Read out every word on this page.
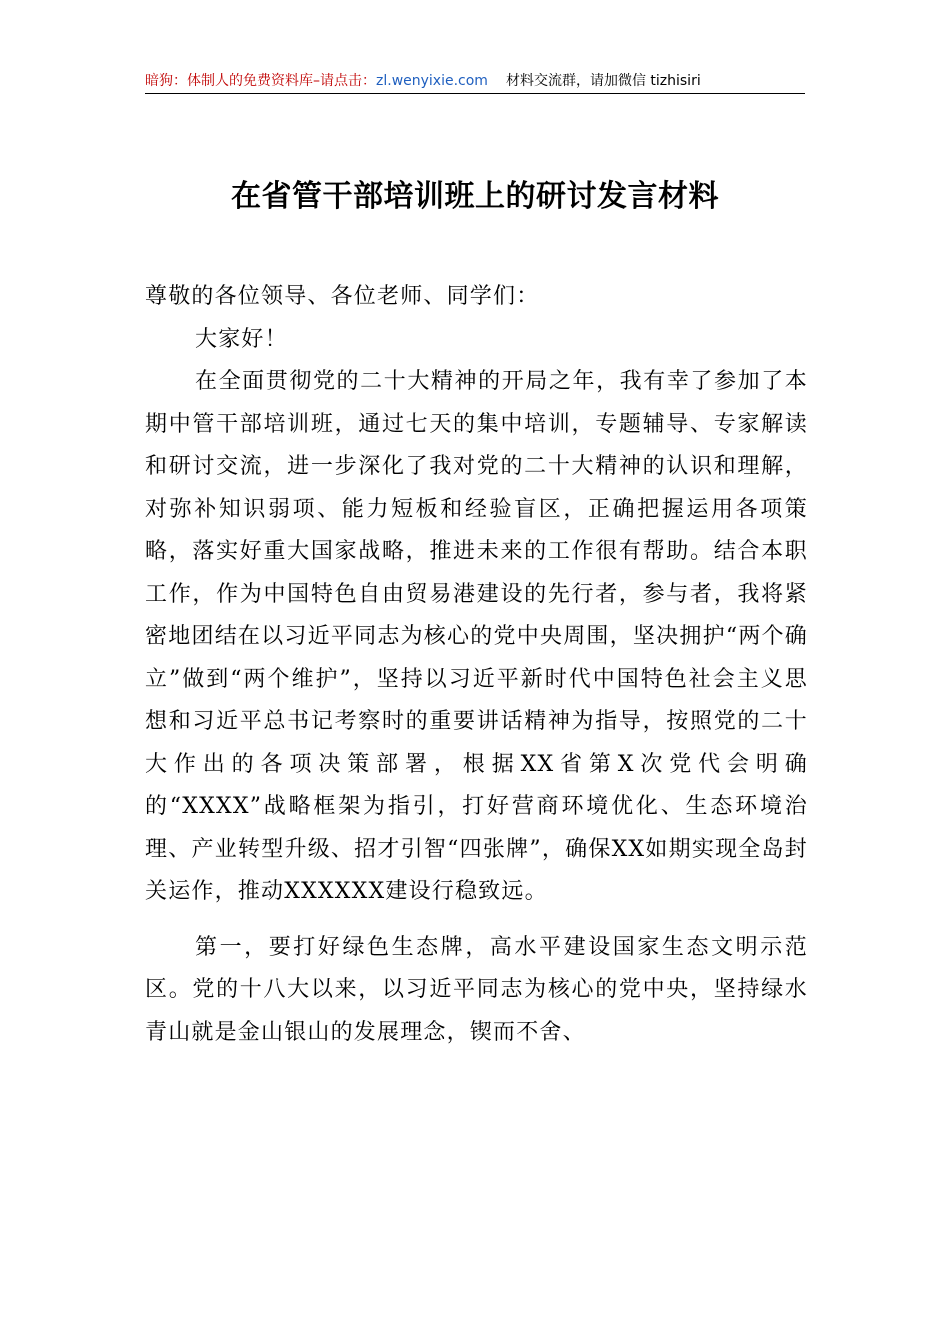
暗狗：体制人的免费资料库–请点击：zl.wenyixie.com 材料交流群，请加微信 tizhisiri
在省管干部培训班上的研讨发言材料

尊敬的各位领导、各位老师、同学们：

大家好！

在全面贯彻党的二十大精神的开局之年，我有幸了参加了本期中管干部培训班，通过七天的集中培训，专题辅导、专家解读和研讨交流，进一步深化了我对党的二十大精神的认识和理解，对弥补知识弱项、能力短板和经验盲区，正确把握运用各项策略，落实好重大国家战略，推进未来的工作很有帮助。结合本职工作，作为中国特色自由贸易港建设的先行者，参与者，我将紧密地团结在以习近平同志为核心的党中央周围，坚决拥护“两个确立”做到“两个维护”，坚持以习近平新时代中国特色社会主义思想和习近平总书记考察时的重要讲话精神为指导，按照党的二十大作出的各项决策部署，根据XX省第X次党代会明确的“XXXX”战略框架为指引，打好营商环境优化、生态环境治理、产业转型升级、招才引智“四张牌”，确保XX如期实现全岛封关运作，推动XXXXXX建设行稳致远。

第一，要打好绿色生态牌，高水平建设国家生态文明示范区。党的十八大以来，以习近平同志为核心的党中央，坚持绿水青山就是金山银山的发展理念，锲而不舍、
